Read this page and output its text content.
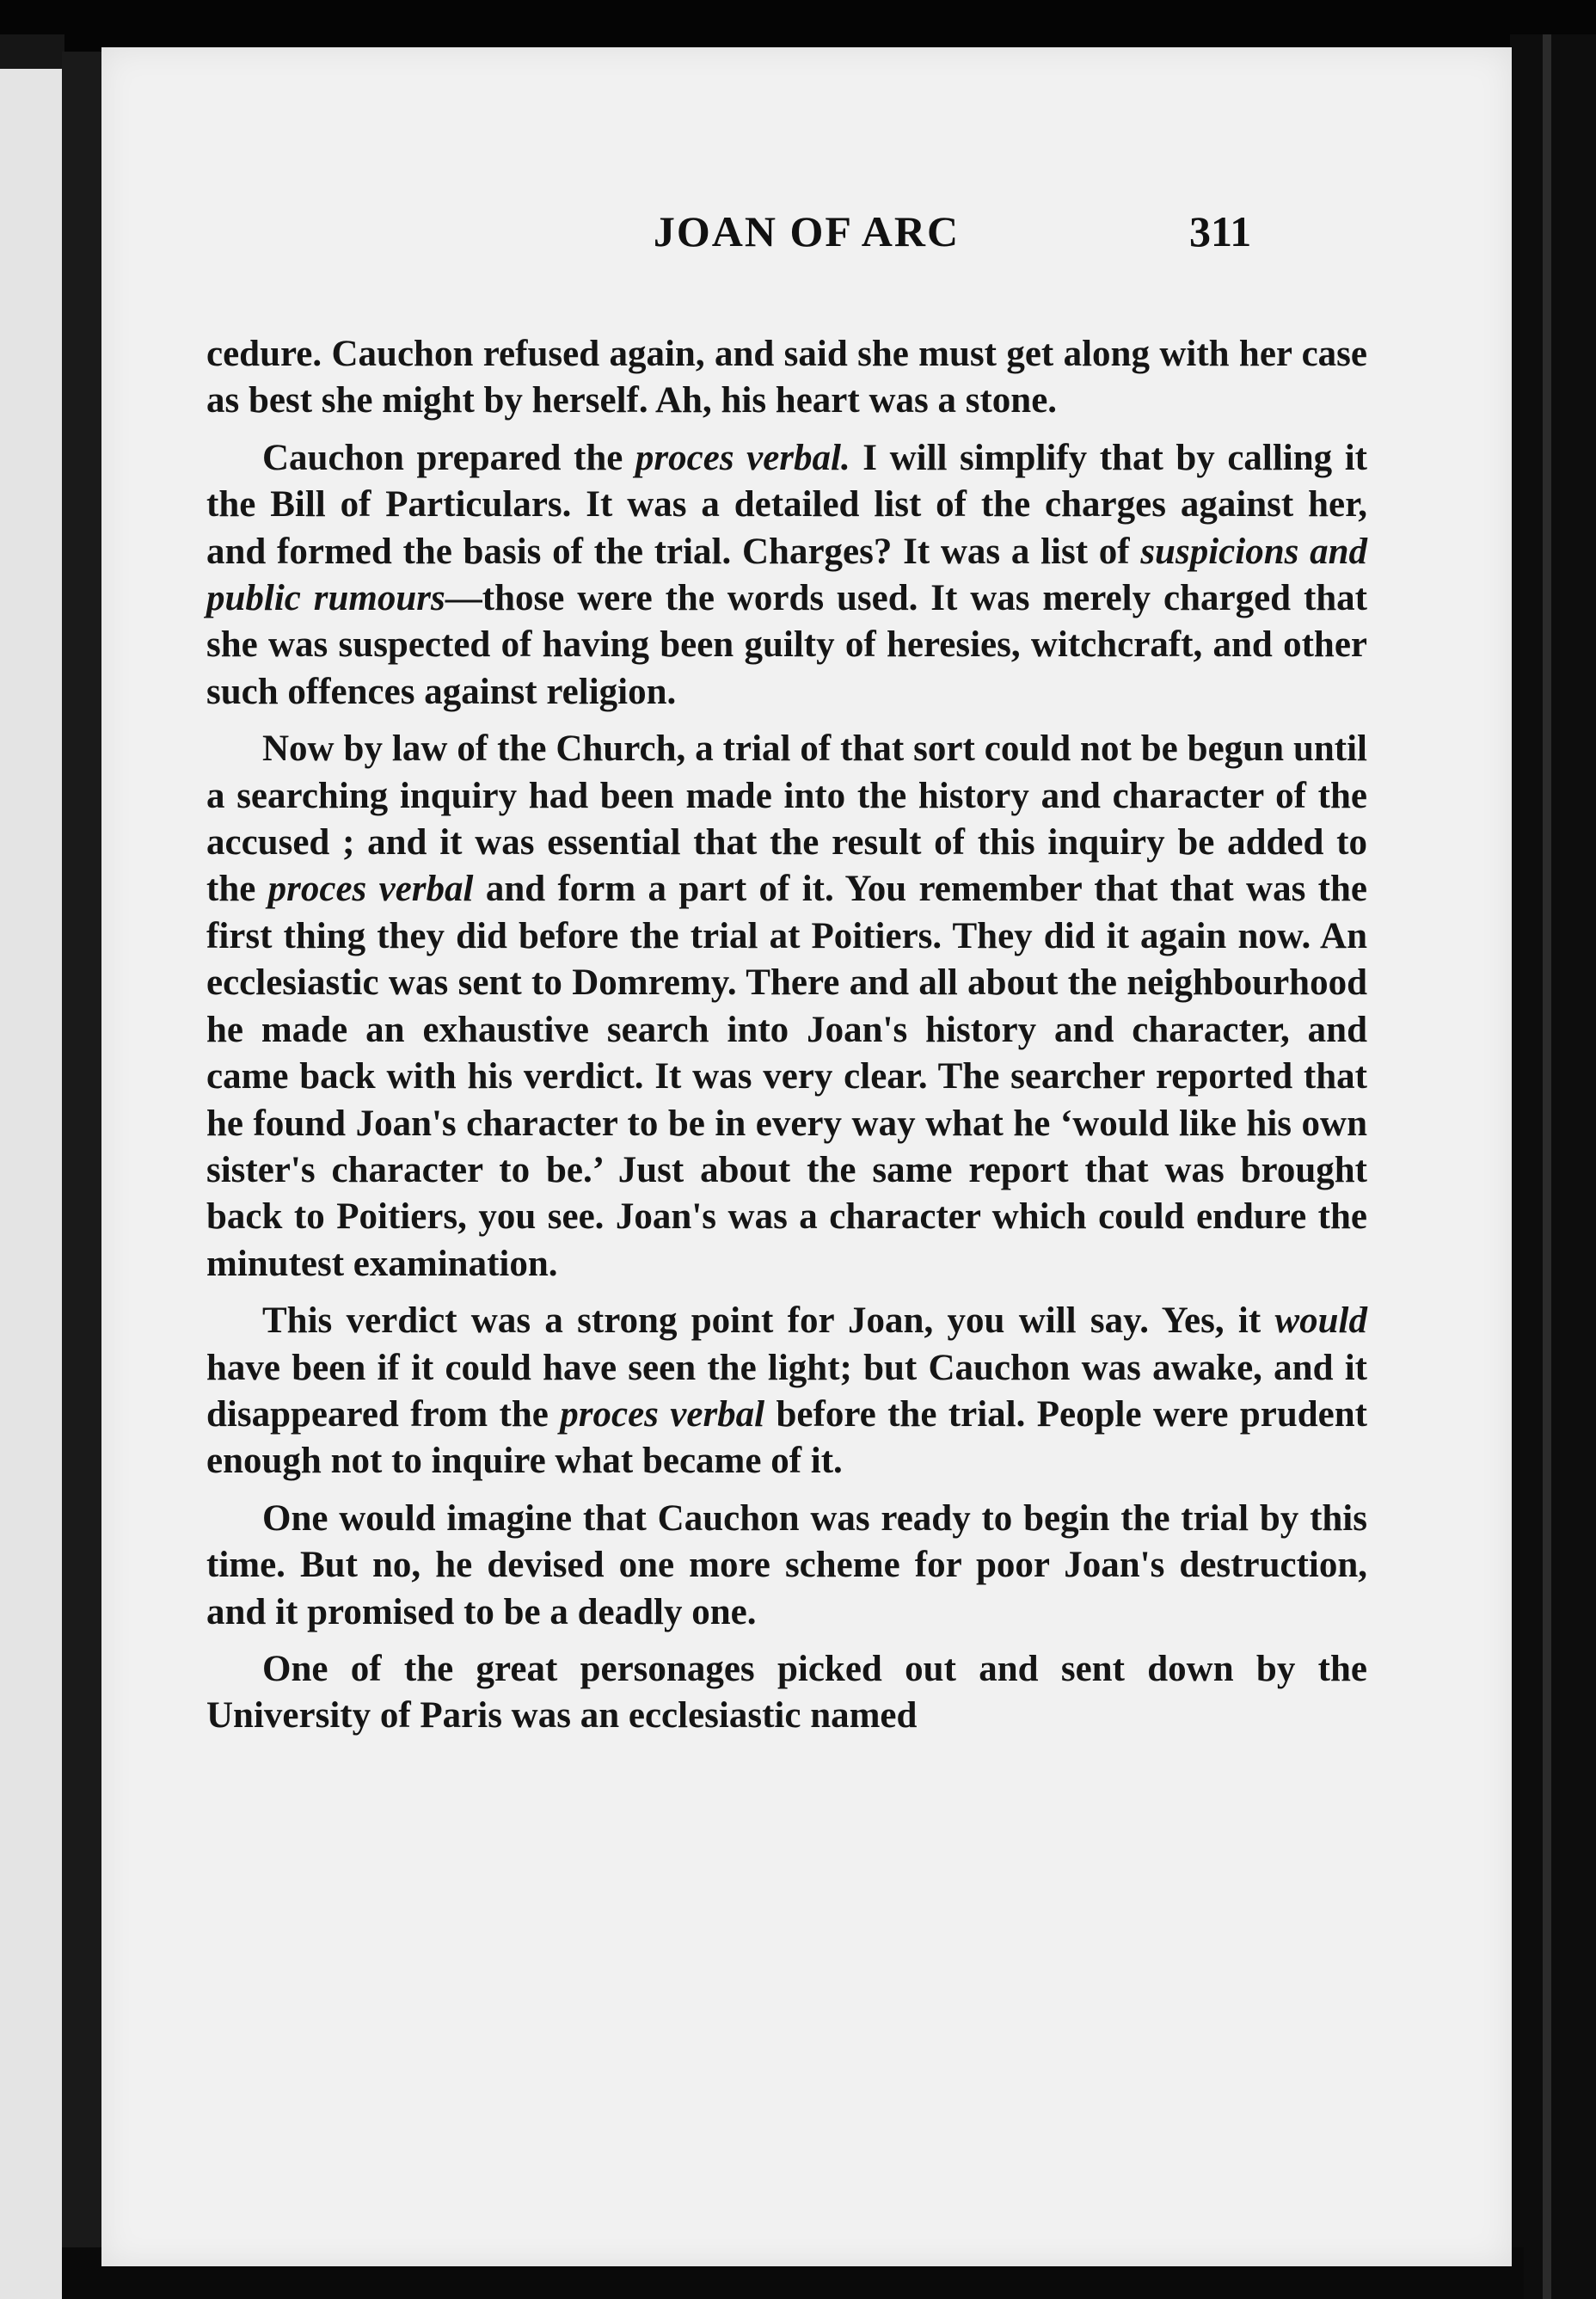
JOAN OF ARC	311

cedure. Cauchon refused again, and said she must get along with her case as best she might by herself. Ah, his heart was a stone.

Cauchon prepared the proces verbal. I will simplify that by calling it the Bill of Particulars. It was a detailed list of the charges against her, and formed the basis of the trial. Charges? It was a list of suspicions and public rumours—those were the words used. It was merely charged that she was suspected of having been guilty of heresies, witchcraft, and other such offences against religion.

Now by law of the Church, a trial of that sort could not be begun until a searching inquiry had been made into the history and character of the accused ; and it was essential that the result of this inquiry be added to the proces verbal and form a part of it. You remember that that was the first thing they did before the trial at Poitiers. They did it again now. An ecclesiastic was sent to Domremy. There and all about the neighbourhood he made an exhaustive search into Joan's history and character, and came back with his verdict. It was very clear. The searcher reported that he found Joan's character to be in every way what he ‘would like his own sister's character to be.’ Just about the same report that was brought back to Poitiers, you see. Joan's was a character which could endure the minutest examination.

This verdict was a strong point for Joan, you will say. Yes, it would have been if it could have seen the light; but Cauchon was awake, and it disappeared from the proces verbal before the trial. People were prudent enough not to inquire what became of it.

One would imagine that Cauchon was ready to begin the trial by this time. But no, he devised one more scheme for poor Joan's destruction, and it promised to be a deadly one.

One of the great personages picked out and sent down by the University of Paris was an ecclesiastic named
